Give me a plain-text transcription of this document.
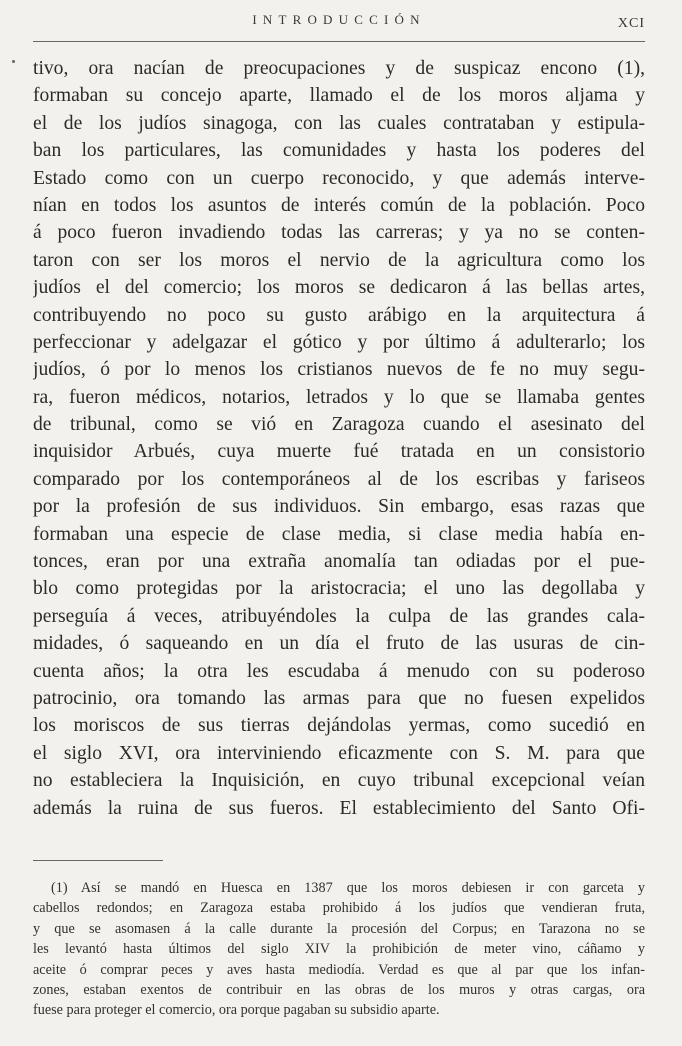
INTRODUCCIÓN	XCI
tivo, ora nacían de preocupaciones y de suspicaz encono (1),
formaban su concejo aparte, llamado el de los moros aljama y
el de los judíos sinagoga, con las cuales contrataban y estipula-
ban los particulares, las comunidades y hasta los poderes del
Estado como con un cuerpo reconocido, y que además interve-
nían en todos los asuntos de interés común de la población. Poco
á poco fueron invadiendo todas las carreras; y ya no se conten-
taron con ser los moros el nervio de la agricultura como los
judíos el del comercio; los moros se dedicaron á las bellas artes,
contribuyendo no poco su gusto arábigo en la arquitectura á
perfeccionar y adelgazar el gótico y por último á adulterarlo; los
judíos, ó por lo menos los cristianos nuevos de fe no muy segu-
ra, fueron médicos, notarios, letrados y lo que se llamaba gentes
de tribunal, como se vió en Zaragoza cuando el asesinato del
inquisidor Arbués, cuya muerte fué tratada en un consistorio
comparado por los contemporáneos al de los escribas y fariseos
por la profesión de sus individuos. Sin embargo, esas razas que
formaban una especie de clase media, si clase media había en-
tonces, eran por una extraña anomalía tan odiadas por el pue-
blo como protegidas por la aristocracia; el uno las degollaba y
perseguía á veces, atribuyéndoles la culpa de las grandes cala-
midades, ó saqueando en un día el fruto de las usuras de cin-
cuenta años; la otra les escudaba á menudo con su poderoso
patrocinio, ora tomando las armas para que no fuesen expelidos
los moriscos de sus tierras dejándolas yermas, como sucedió en
el siglo XVI, ora interviniendo eficazmente con S. M. para que
no estableciera la Inquisición, en cuyo tribunal excepcional veían
además la ruina de sus fueros. El establecimiento del Santo Ofi-
(1) Así se mandó en Huesca en 1387 que los moros debiesen ir con garceta y
cabellos redondos; en Zaragoza estaba prohibido á los judíos que vendieran fruta,
y que se asomasen á la calle durante la procesión del Corpus; en Tarazona no se
les levantó hasta últimos del siglo XIV la prohibición de meter vino, cáñamo y
aceite ó comprar peces y aves hasta mediodía. Verdad es que al par que los infan-
zones, estaban exentos de contribuir en las obras de los muros y otras cargas, ora
fuese para proteger el comercio, ora porque pagaban su subsidio aparte.
